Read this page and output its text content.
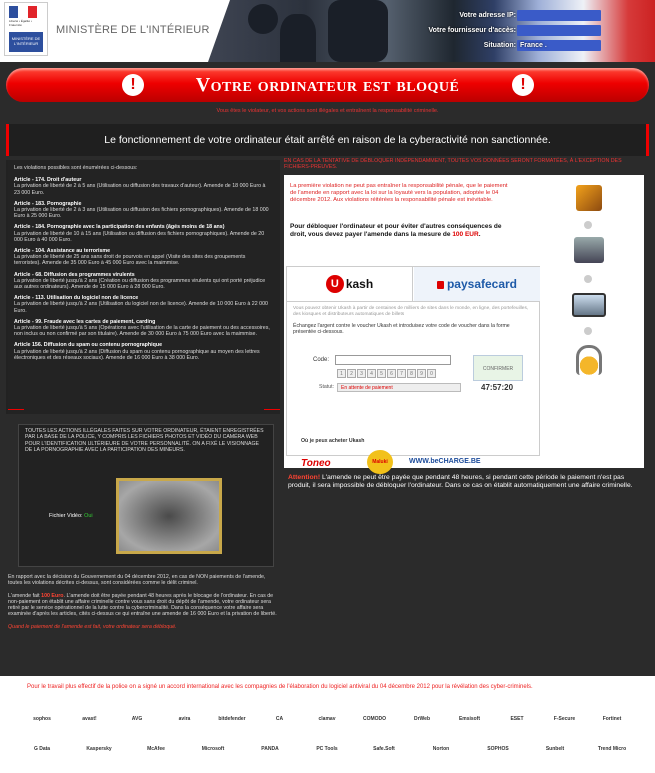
Liberté • Égalité • Fraternité
MINISTÈRE DE L'INTÉRIEUR
MINISTÈRE DE L'INTÉRIEUR
Votre adresse IP:
Votre fournisseur d'accès:
Situation: France .
!	Votre ordinateur est bloqué	!
Vous êtes le violateur, et vos actions sont illégales et entraînent la responsabilité criminelle.
Le fonctionnement de votre ordinateur était arrêté en raison de la cyberactivité non sanctionnée.
Les violations possibles sont énumérées ci-dessous:
Article - 174. Droit d'auteur
La privation de liberté de 2 à 5 ans (Utilisation ou diffusion des travaux d'auteur). Amende de 18 000 Euro à 23 000 Euro.
Article - 183. Pornographie
La privation de liberté de 2 à 3 ans (Utilisation ou diffusion des fichiers pornographiques). Amende de 18 000 Euro à 25 000 Euro.
Article - 184. Pornographie avec la participation des enfants (âgés moins de 18 ans)
La privation de liberté de 10 à 15 ans (Utilisation ou diffusion des fichiers pornographiques). Amende de 20 000 Euro à 40 000 Euro.
Article - 104. Assistance au terrorisme
La privation de liberté de 25 ans sans droit de pourvois en appel (Visite des sites des groupements terroristes). Amende de 35 000 Euro à 45 000 Euro avec la maimmise.
Article - 68. Diffusion des programmes virulents
La privation de liberté jusqu'à 2 ans (Création ou diffusion des programmes virulents qui ont porté préjudice aux autres ordinateurs). Amende de 15 000 Euro à 28 000 Euro.
Article - 113. Utilisation du logiciel non de licence
La privation de liberté jusqu'à 2 ans (Utilisation du logiciel non de licence). Amende de 10 000 Euro à 22 000 Euro.
Article - 99. Fraude avec les cartes de paiement, carding
La privation de liberté jusqu'à 5 ans (Opérations avec l'utilisation de la carte de paiement ou des accessoires, non inclus ou non confirmé par son titulaire). Amende de 30 000 Euro à 75 000 Euro avec la maimmise.
Article 156. Diffusion du spam ou contenu pornographique
La privation de liberté jusqu'à 2 ans (Diffusion du spam ou contenu pornographique au moyen des lettres électroniques et des réseaux sociaux). Amende de 16 000 Euro à 38 000 Euro.
TOUTES LES ACTIONS ILLÉGALES FAITES SUR VOTRE ORDINATEUR, ÉTAIENT ENREGISTRÉES PAR LA BASE DE LA POLICE, Y COMPRIS LES FICHIERS PHOTOS ET VIDÉO DU CAMÉRA WEB POUR L'IDENTIFICATION ULTÉRIEURE DE VOTRE PERSONNALITÉ. ON A FIXÉ LE VISIONNAGE DE LA PORNOGRAPHIE AVEC LA PARTICIPATION DES MINEURS.
Fichier Vidéo: Oui

En rapport avec la décision du Gouvernement du 04 décembre 2012, en cas de NON paiements de l'amende, toutes les violations décrites ci-dessus, sont considérées comme le délit criminel.

L'amende fait 100 Euro. L'amende doit être payée pendant 48 heures après le blocage de l'ordinateur. En cas de non-paiement on établit une affaire criminelle contre vous sans droit du dépôt de l'amende, votre ordinateur sera retiré par le service opérationnel de la lutte contre la cybercriminalité. Dans la conséquence votre affaire sera examinée d'après les articles, cités ci-dessus ce qui entraîne une amende de 16 000 Euro et la privation de liberté.

Quand le paiement de l'amende est fait, votre ordinateur sera débloqué.

EN CAS DE LA TENTATIVE DE DÉBLOQUER INDÉPENDAMMENT, TOUTES VOS DONNÉES SERONT FORMATÉES, À L'EXCEPTION DES FICHIERS-PREUVES.
La première violation ne peut pas entraîner la responsabilité pénale, que le paiement de l'amende en rapport avec la loi sur la loyauté vers la population, adoptée le 04 décembre 2012. Aux violations réitérées la responsabilité pénale est inévitable.
Pour débloquer l'ordinateur et pour éviter d'autres conséquences de droit, vous devez payer l'amende dans la mesure de 100 EUR.
U kash	paysafecard
Vous pouvez obtenir Ukash à partir de centaines de milliers de sites dans le monde, en ligne, des portefeuilles, des kiosques et distributeurs automatiques de billets
Échangez l'argent contre le voucher Ukash et introduisez votre code de voucher dans la forme présentée ci-dessous.
Code:
1	2	3	4	5	6	7	8	9	0
CONFIRMER
Statut:	En attente de paiement	47:57:20
Où je peux acheter Ukash
Toneo	Maluki	WWW.beCHARGE.BE
Attention! L'amende ne peut être payée que pendant 48 heures, si pendant cette période le paiement n'est pas produit, il sera impossible de débloquer l'ordinateur. Dans ce cas on établit automatiquement une affaire criminelle.
Pour le travail plus effectif de la police on a signé un accord international avec les compagnies de l'élaboration du logiciel antiviral du 04 décembre 2012 pour la révélation des cyber-criminels.
sophos	avast!	AVG	avira	bitdefender	CA	clamav	COMODO	DrWeb	Emsisoft	ESET	F-Secure	Fortinet
G Data	Kaspersky	McAfee	Microsoft	PANDA	PC Tools	Safe.Soft	Norton	SOPHOS	Sunbelt	Trend Micro
